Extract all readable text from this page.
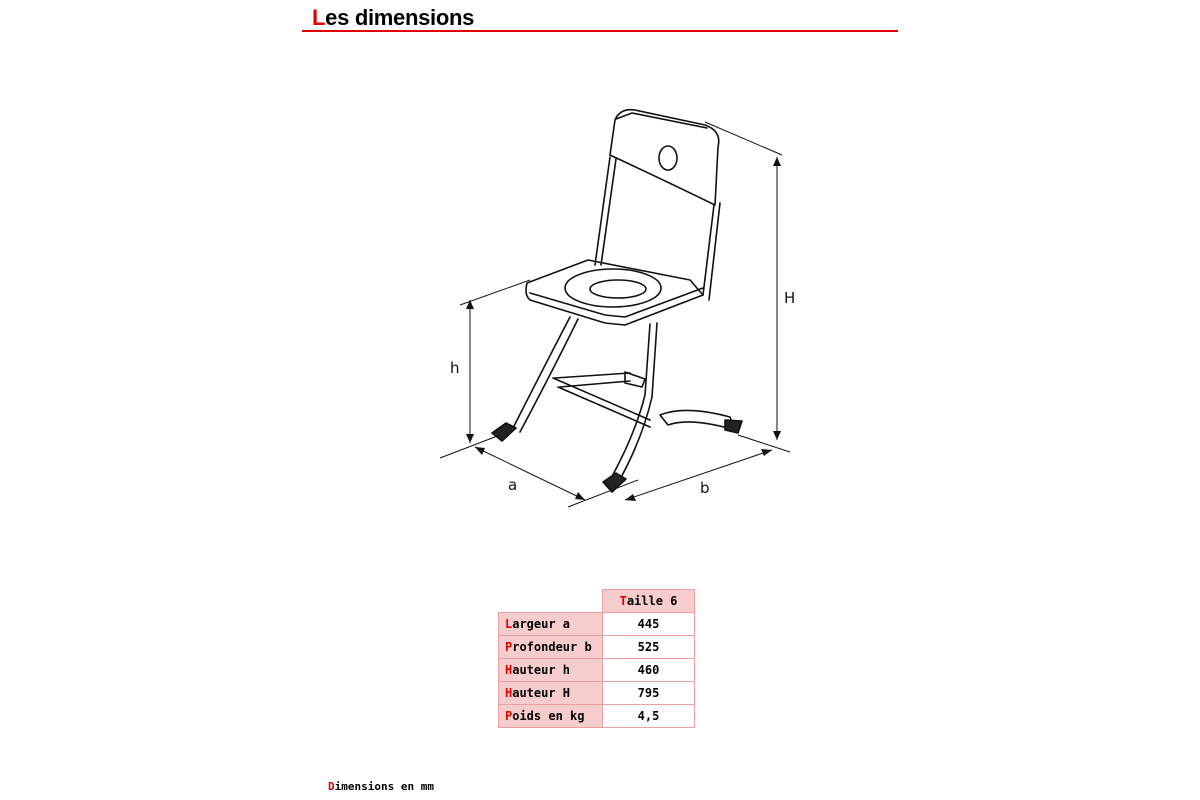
Les dimensions
h
H
a	b
	Taille 6
Largeur a	445
Profondeur b	525
Hauteur h	460
Hauteur H	795
Poids en kg	4,5
Dimensions en mm
